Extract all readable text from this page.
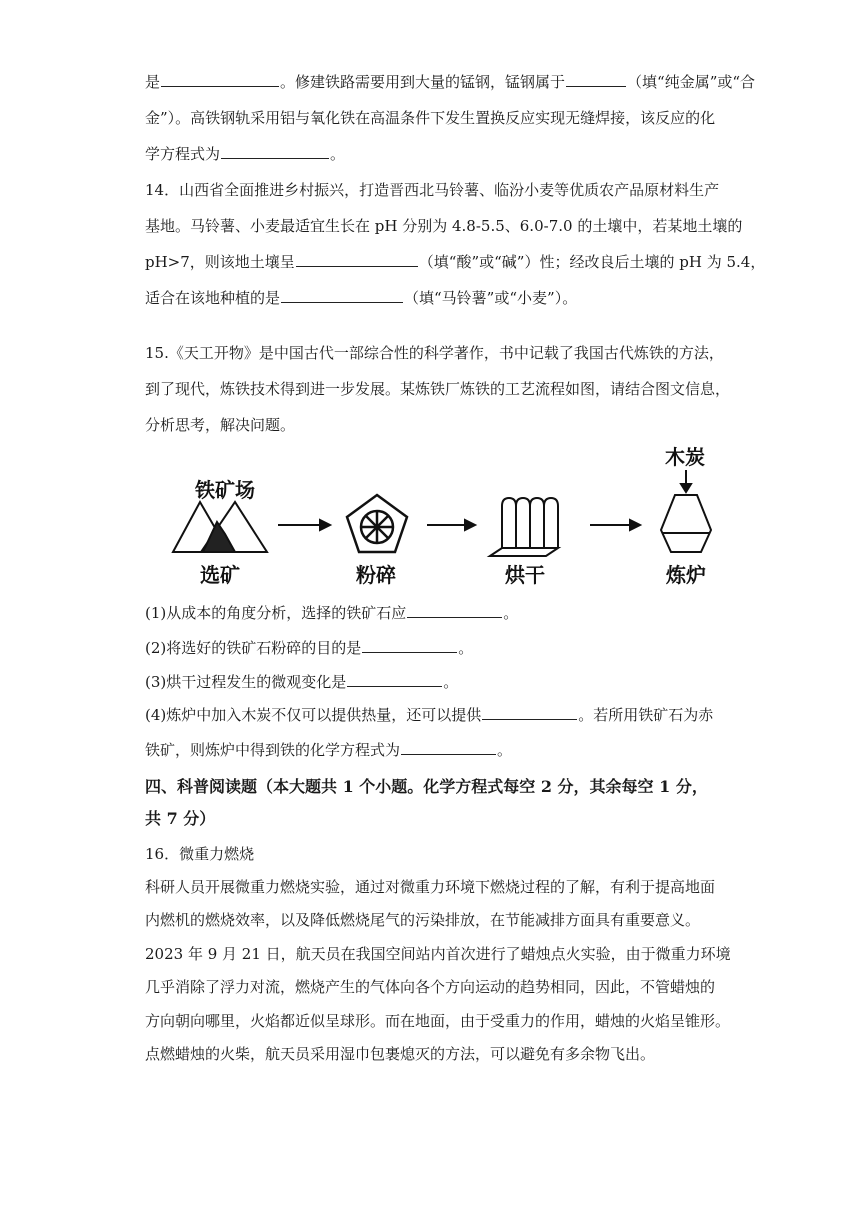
是	。修建铁路需要用到大量的锰钢，锰钢属于	（填“纯金属”或“合
金”）。高铁钢轨采用铝与氧化铁在高温条件下发生置换反应实现无缝焊接，该反应的化
学方程式为	。
14．山西省全面推进乡村振兴，打造晋西北马铃薯、临汾小麦等优质农产品原材料生产
基地。马铃薯、小麦最适宜生长在 pH 分别为 4.8-5.5、6.0-7.0 的土壤中，若某地土壤的
pH>7，则该地土壤呈	（填“酸”或“碱”）性；经改良后土壤的 pH 为 5.4，
适合在该地种植的是	（填“马铃薯”或“小麦”）。
15.《天工开物》是中国古代一部综合性的科学著作，书中记载了我国古代炼铁的方法，
到了现代，炼铁技术得到进一步发展。某炼铁厂炼铁的工艺流程如图，请结合图文信息，
分析思考，解决问题。
铁矿场
选矿	粉碎	烘干
木炭
炼炉
(1)从成本的角度分析，选择的铁矿石应	。
(2)将选好的铁矿石粉碎的目的是	。
(3)烘干过程发生的微观变化是	。
(4)炼炉中加入木炭不仅可以提供热量，还可以提供	。若所用铁矿石为赤
铁矿，则炼炉中得到铁的化学方程式为	。
四、科普阅读题（本大题共 1 个小题。化学方程式每空 2 分，其余每空 1 分，
共 7 分）
16．微重力燃烧
科研人员开展微重力燃烧实验，通过对微重力环境下燃烧过程的了解，有利于提高地面
内燃机的燃烧效率，以及降低燃烧尾气的污染排放，在节能减排方面具有重要意义。
2023 年 9 月 21 日，航天员在我国空间站内首次进行了蜡烛点火实验，由于微重力环境
几乎消除了浮力对流，燃烧产生的气体向各个方向运动的趋势相同，因此，不管蜡烛的
方向朝向哪里，火焰都近似呈球形。而在地面，由于受重力的作用，蜡烛的火焰呈锥形。
点燃蜡烛的火柴，航天员采用湿巾包裹熄灭的方法，可以避免有多余物飞出。
